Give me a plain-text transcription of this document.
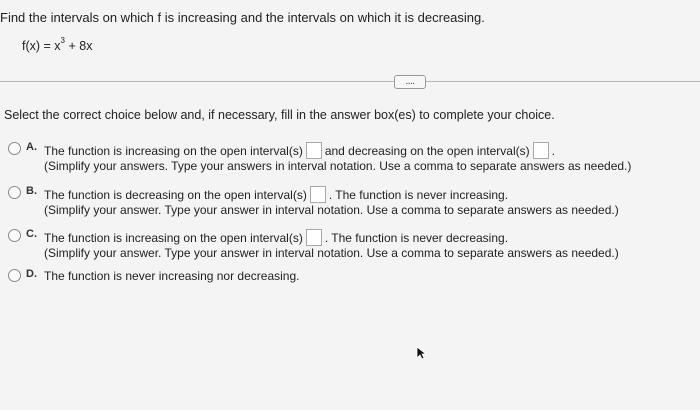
Find the intervals on which f is increasing and the intervals on which it is decreasing.
$f(x) = x^3 + 8x$
....
Select the correct choice below and, if necessary, fill in the answer box(es) to complete your choice.
A. The function is increasing on the open interval(s) and decreasing on the open interval(s) .
(Simplify your answers. Type your answers in interval notation. Use a comma to separate answers as needed.)
B. The function is decreasing on the open interval(s) . The function is never increasing.
(Simplify your answer. Type your answer in interval notation. Use a comma to separate answers as needed.)
C. The function is increasing on the open interval(s) . The function is never decreasing.
(Simplify your answer. Type your answer in interval notation. Use a comma to separate answers as needed.)
D. The function is never increasing nor decreasing.
